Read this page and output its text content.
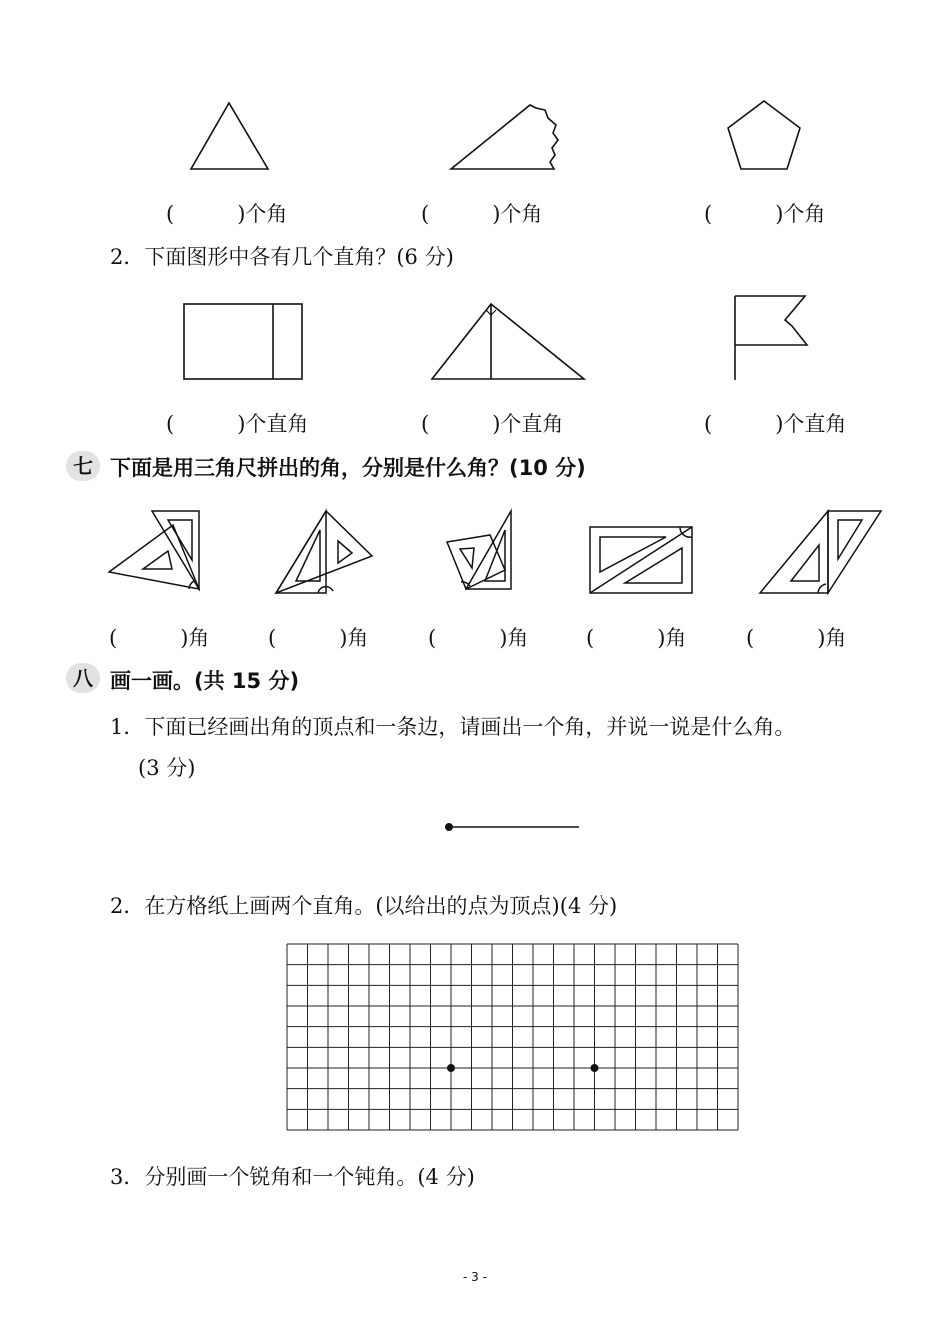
(　　　)个角	(　　　)个角	(　　　)个角
2．下面图形中各有几个直角？(6 分)
(　　　)个直角	(　　　)个直角	(　　　)个直角
七 下面是用三角尺拼出的角，分别是什么角？(10 分)
(　　　)角	(　　　)角	(　　　)角	(　　　)角	(　　　)角
八 画一画。(共 15 分)
1．下面已经画出角的顶点和一条边，请画出一个角，并说一说是什么角。
(3 分)
2．在方格纸上画两个直角。(以给出的点为顶点)(4 分)
3．分别画一个锐角和一个钝角。(4 分)
- 3 -
